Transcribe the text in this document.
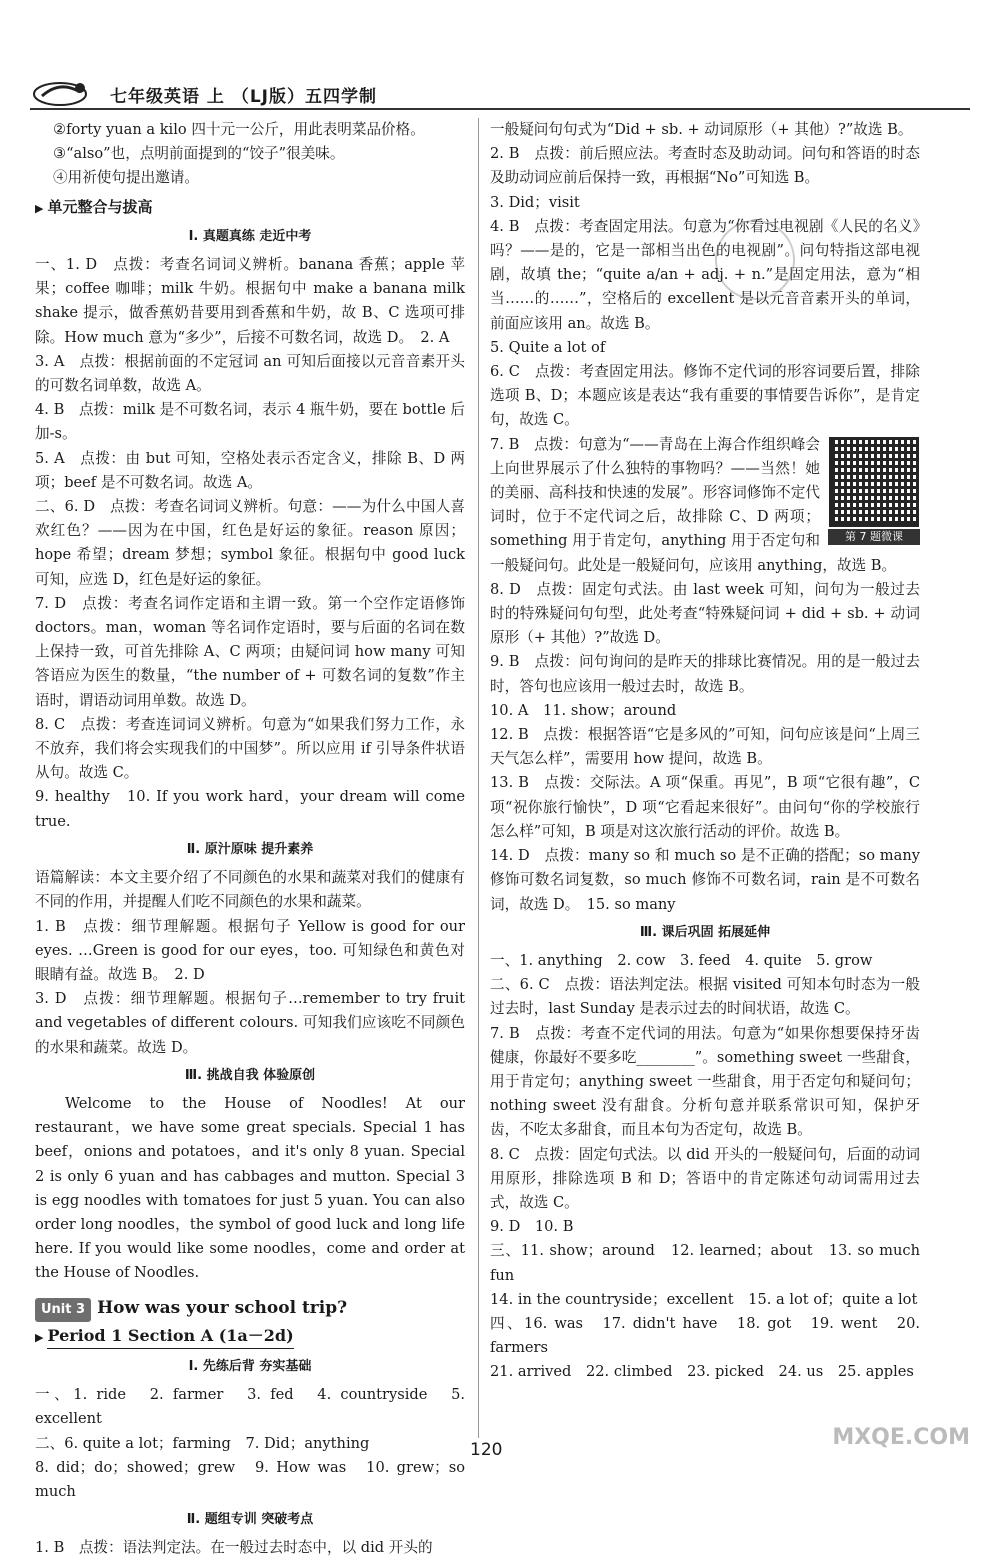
七年级英语 上 （LJ版）五四学制

②forty yuan a kilo 四十元一公斤，用此表明菜品价格。

③“also”也，点明前面提到的“饺子”很美味。

④用祈使句提出邀请。

▶ 单元整合与拔高
Ⅰ. 真题真练 走近中考

一、1. D　点拨：考查名词词义辨析。banana 香蕉；apple 苹果；coffee 咖啡；milk 牛奶。根据句中 make a banana milk shake 提示，做香蕉奶昔要用到香蕉和牛奶，故 B、C 选项可排除。How much 意为“多少”，后接不可数名词，故选 D。　2. A

3. A　点拨：根据前面的不定冠词 an 可知后面接以元音音素开头的可数名词单数，故选 A。

4. B　点拨：milk 是不可数名词，表示 4 瓶牛奶，要在 bottle 后加-s。

5. A　点拨：由 but 可知，空格处表示否定含义，排除 B、D 两项；beef 是不可数名词。故选 A。

二、6. D　点拨：考查名词词义辨析。句意：——为什么中国人喜欢红色？——因为在中国，红色是好运的象征。reason 原因；hope 希望；dream 梦想；symbol 象征。根据句中 good luck 可知，应选 D，红色是好运的象征。

7. D　点拨：考查名词作定语和主谓一致。第一个空作定语修饰 doctors。man，woman 等名词作定语时，要与后面的名词在数上保持一致，可首先排除 A、C 两项；由疑问词 how many 可知答语应为医生的数量，“the number of + 可数名词的复数”作主语时，谓语动词用单数。故选 D。

8. C　点拨：考查连词词义辨析。句意为“如果我们努力工作，永不放弃，我们将会实现我们的中国梦”。所以应用 if 引导条件状语从句。故选 C。

9. healthy　10. If you work hard，your dream will come true.

Ⅱ. 原汁原味 提升素养

语篇解读：本文主要介绍了不同颜色的水果和蔬菜对我们的健康有不同的作用，并提醒人们吃不同颜色的水果和蔬菜。

1. B　点拨：细节理解题。根据句子 Yellow is good for our eyes. …Green is good for our eyes，too. 可知绿色和黄色对眼睛有益。故选 B。　2. D

3. D　点拨：细节理解题。根据句子…remember to try fruit and vegetables of different colours. 可知我们应该吃不同颜色的水果和蔬菜。故选 D。

Ⅲ. 挑战自我 体验原创

Welcome to the House of Noodles! At our restaurant，we have some great specials. Special 1 has beef，onions and potatoes，and it's only 8 yuan. Special 2 is only 6 yuan and has cabbages and mutton. Special 3 is egg noodles with tomatoes for just 5 yuan. You can also order long noodles，the symbol of good luck and long life here. If you would like some noodles，come and order at the House of Noodles.

Unit 3 How was your school trip?
▶ Period 1 Section A (1a－2d)
Ⅰ. 先练后背 夯实基础

一、1. ride　2. farmer　3. fed　4. countryside　5. excellent

二、6. quite a lot；farming　7. Did；anything

8. did；do；showed；grew　9. How was　10. grew；so much

Ⅱ. 题组专训 突破考点

1. B　点拨：语法判定法。在一般过去时态中，以 did 开头的

一般疑问句句式为“Did + sb. + 动词原形（+ 其他）?”故选 B。

2. B　点拨：前后照应法。考查时态及助动词。问句和答语的时态及助动词应前后保持一致，再根据“No”可知选 B。

3. Did；visit

4. B　点拨：考查固定用法。句意为“你看过电视剧《人民的名义》吗？——是的，它是一部相当出色的电视剧”。问句特指这部电视剧，故填 the；“quite a/an + adj. + n.”是固定用法，意为“相当……的……”，空格后的 excellent 是以元音音素开头的单词，前面应该用 an。故选 B。

5. Quite a lot of

6. C　点拨：考查固定用法。修饰不定代词的形容词要后置，排除选项 B、D；本题应该是表达“我有重要的事情要告诉你”，是肯定句，故选 C。

第 7 题微课

7. B　点拨：句意为“——青岛在上海合作组织峰会上向世界展示了什么独特的事物吗？——当然！她的美丽、高科技和快速的发展”。形容词修饰不定代词时，位于不定代词之后，故排除 C、D 两项；something 用于肯定句，anything 用于否定句和一般疑问句。此处是一般疑问句，应该用 anything，故选 B。

8. D　点拨：固定句式法。由 last week 可知，问句为一般过去时的特殊疑问句句型，此处考查“特殊疑问词 + did + sb. + 动词原形（+ 其他）?”故选 D。

9. B　点拨：问句询问的是昨天的排球比赛情况。用的是一般过去时，答句也应该用一般过去时，故选 B。

10. A　11. show；around

12. B　点拨：根据答语“它是多风的”可知，问句应该是问“上周三天气怎么样”，需要用 how 提问，故选 B。

13. B　点拨：交际法。A 项“保重。再见”，B 项“它很有趣”，C 项“祝你旅行愉快”，D 项“它看起来很好”。由问句“你的学校旅行怎么样”可知，B 项是对这次旅行活动的评价。故选 B。

14. D　点拨：many so 和 much so 是不正确的搭配；so many 修饰可数名词复数，so much 修饰不可数名词，rain 是不可数名词，故选 D。　15. so many

Ⅲ. 课后巩固 拓展延伸

一、1. anything　2. cow　3. feed　4. quite　5. grow

二、6. C　点拨：语法判定法。根据 visited 可知本句时态为一般过去时，last Sunday 是表示过去的时间状语，故选 C。

7. B　点拨：考查不定代词的用法。句意为“如果你想要保持牙齿健康，你最好不要多吃________”。something sweet 一些甜食，用于肯定句；anything sweet 一些甜食，用于否定句和疑问句；nothing sweet 没有甜食。分析句意并联系常识可知，保护牙齿，不吃太多甜食，而且本句为否定句，故选 B。

8. C　点拨：固定句式法。以 did 开头的一般疑问句，后面的动词用原形，排除选项 B 和 D；答语中的肯定陈述句动词需用过去式，故选 C。

9. D　10. B

三、11. show；around　12. learned；about　13. so much fun

14. in the countryside；excellent　15. a lot of；quite a lot

四、16. was　17. didn't have　18. got　19. went　20. farmers

21. arrived　22. climbed　23. picked　24. us　25. apples

120	MXQE.COM
